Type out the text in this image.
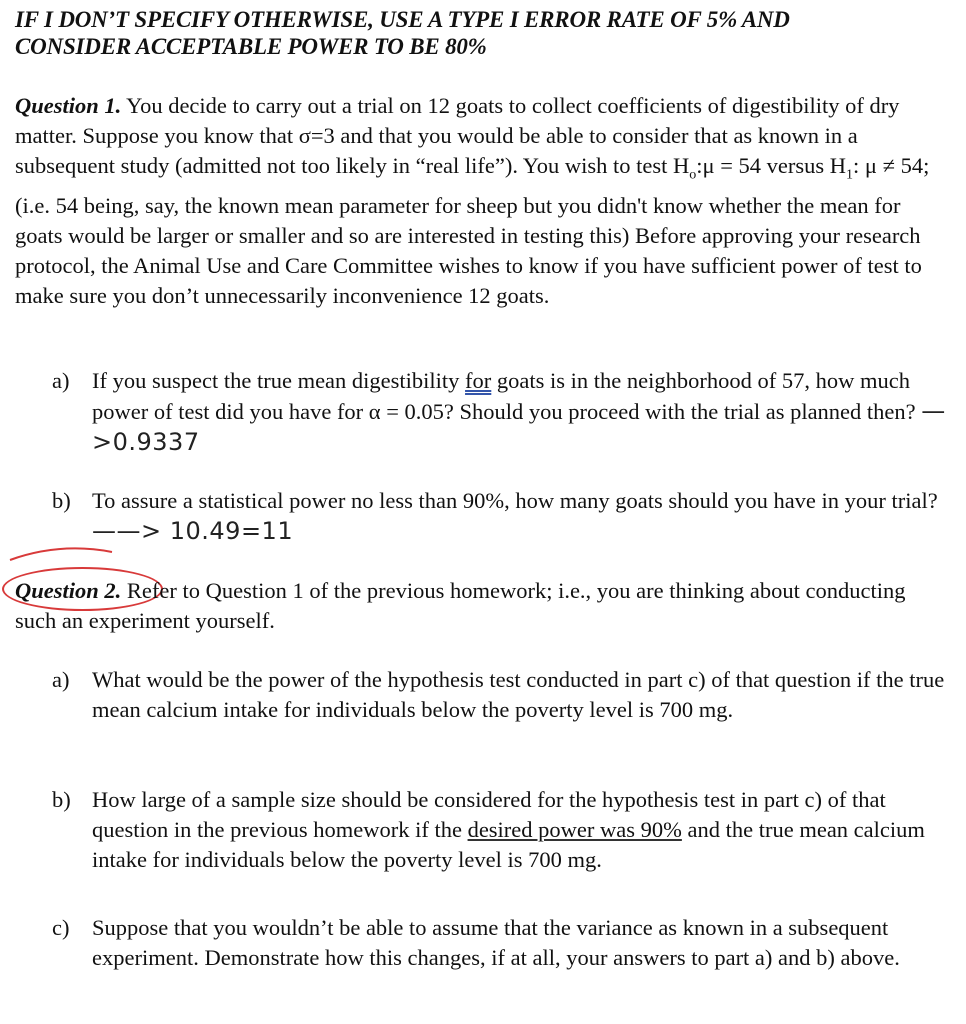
IF I DON’T SPECIFY OTHERWISE, USE A TYPE I ERROR RATE OF 5% AND
CONSIDER ACCEPTABLE POWER TO BE 80%
Question 1. You decide to carry out a trial on 12 goats to collect coefficients of digestibility of dry matter. Suppose you know that σ=3 and that you would be able to consider that as known in a subsequent study (admitted not too likely in “real life”). You wish to test $H_o:\mu = 54$ versus $H_1$: μ ≠ 54; (i.e. 54 being, say, the known mean parameter for sheep but you didn't know whether the mean for goats would be larger or smaller and so are interested in testing this) Before approving your research protocol, the Animal Use and Care Committee wishes to know if you have sufficient power of test to make sure you don’t unnecessarily inconvenience 12 goats.
a) If you suspect the true mean digestibility for goats is in the neighborhood of 57, how much power of test did you have for α = 0.05? Should you proceed with the trial as planned then? —>0.9337
b) To assure a statistical power no less than 90%, how many goats should you have in your trial? ——> 10.49=11
Question 2. Refer to Question 1 of the previous homework; i.e., you are thinking about conducting such an experiment yourself.
a) What would be the power of the hypothesis test conducted in part c) of that question if the true mean calcium intake for individuals below the poverty level is 700 mg.
b) How large of a sample size should be considered for the hypothesis test in part c) of that question in the previous homework if the desired power was 90% and the true mean calcium intake for individuals below the poverty level is 700 mg.
c) Suppose that you wouldn’t be able to assume that the variance as known in a subsequent experiment. Demonstrate how this changes, if at all, your answers to part a) and b) above.
